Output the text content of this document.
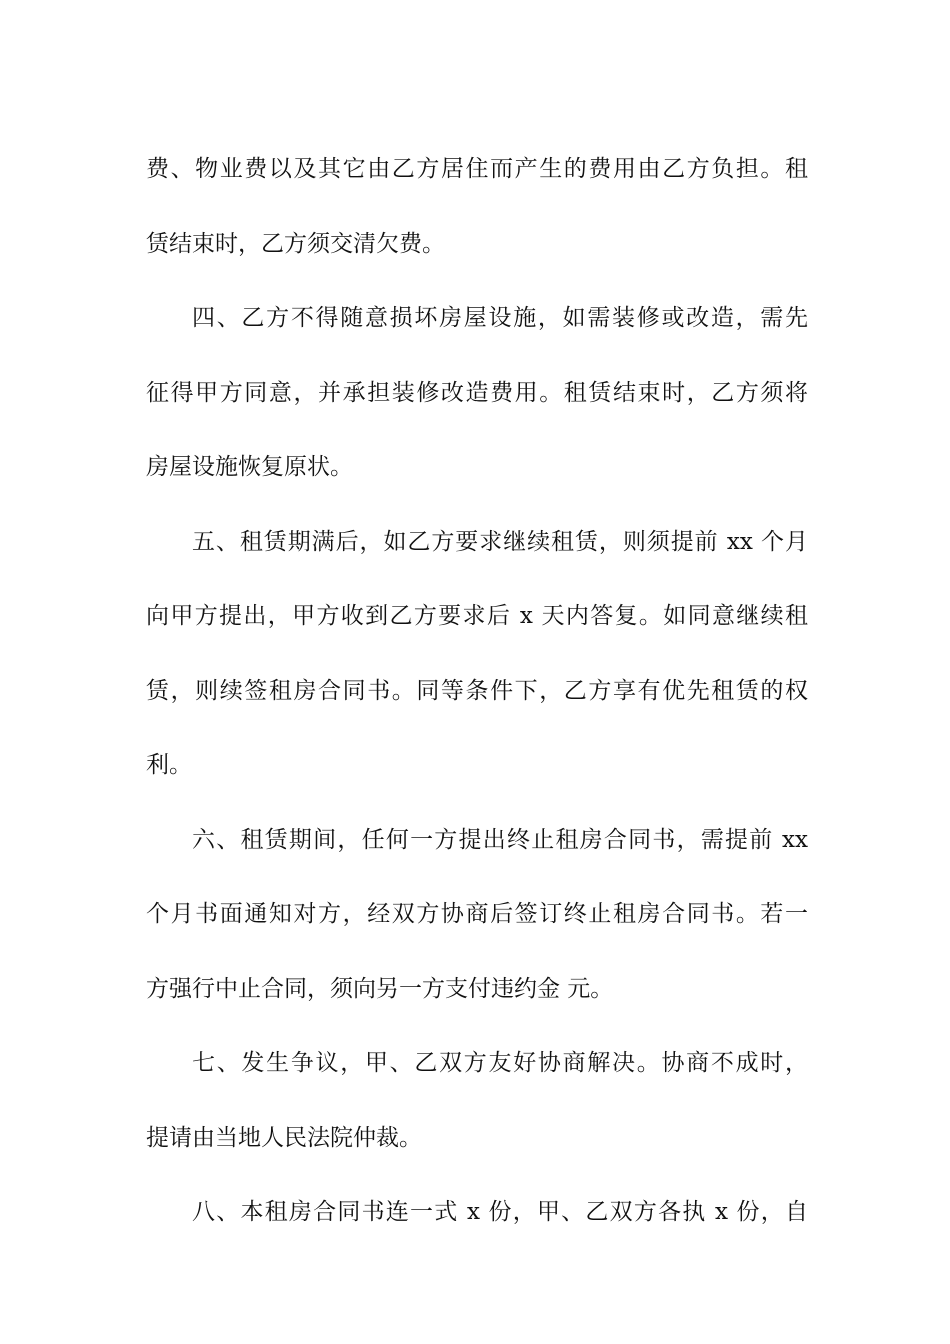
费、物业费以及其它由乙方居住而产生的费用由乙方负担。租
赁结束时，乙方须交清欠费。
四、乙方不得随意损坏房屋设施，如需装修或改造，需先
征得甲方同意，并承担装修改造费用。租赁结束时，乙方须将
房屋设施恢复原状。
五、租赁期满后，如乙方要求继续租赁，则须提前 xx 个月
向甲方提出，甲方收到乙方要求后 x 天内答复。如同意继续租
赁，则续签租房合同书。同等条件下，乙方享有优先租赁的权
利。
六、租赁期间，任何一方提出终止租房合同书，需提前 xx
个月书面通知对方，经双方协商后签订终止租房合同书。若一
方强行中止合同，须向另一方支付违约金 元。
七、发生争议，甲、乙双方友好协商解决。协商不成时，
提请由当地人民法院仲裁。
八、本租房合同书连一式 x 份，甲、乙双方各执 x 份，自
